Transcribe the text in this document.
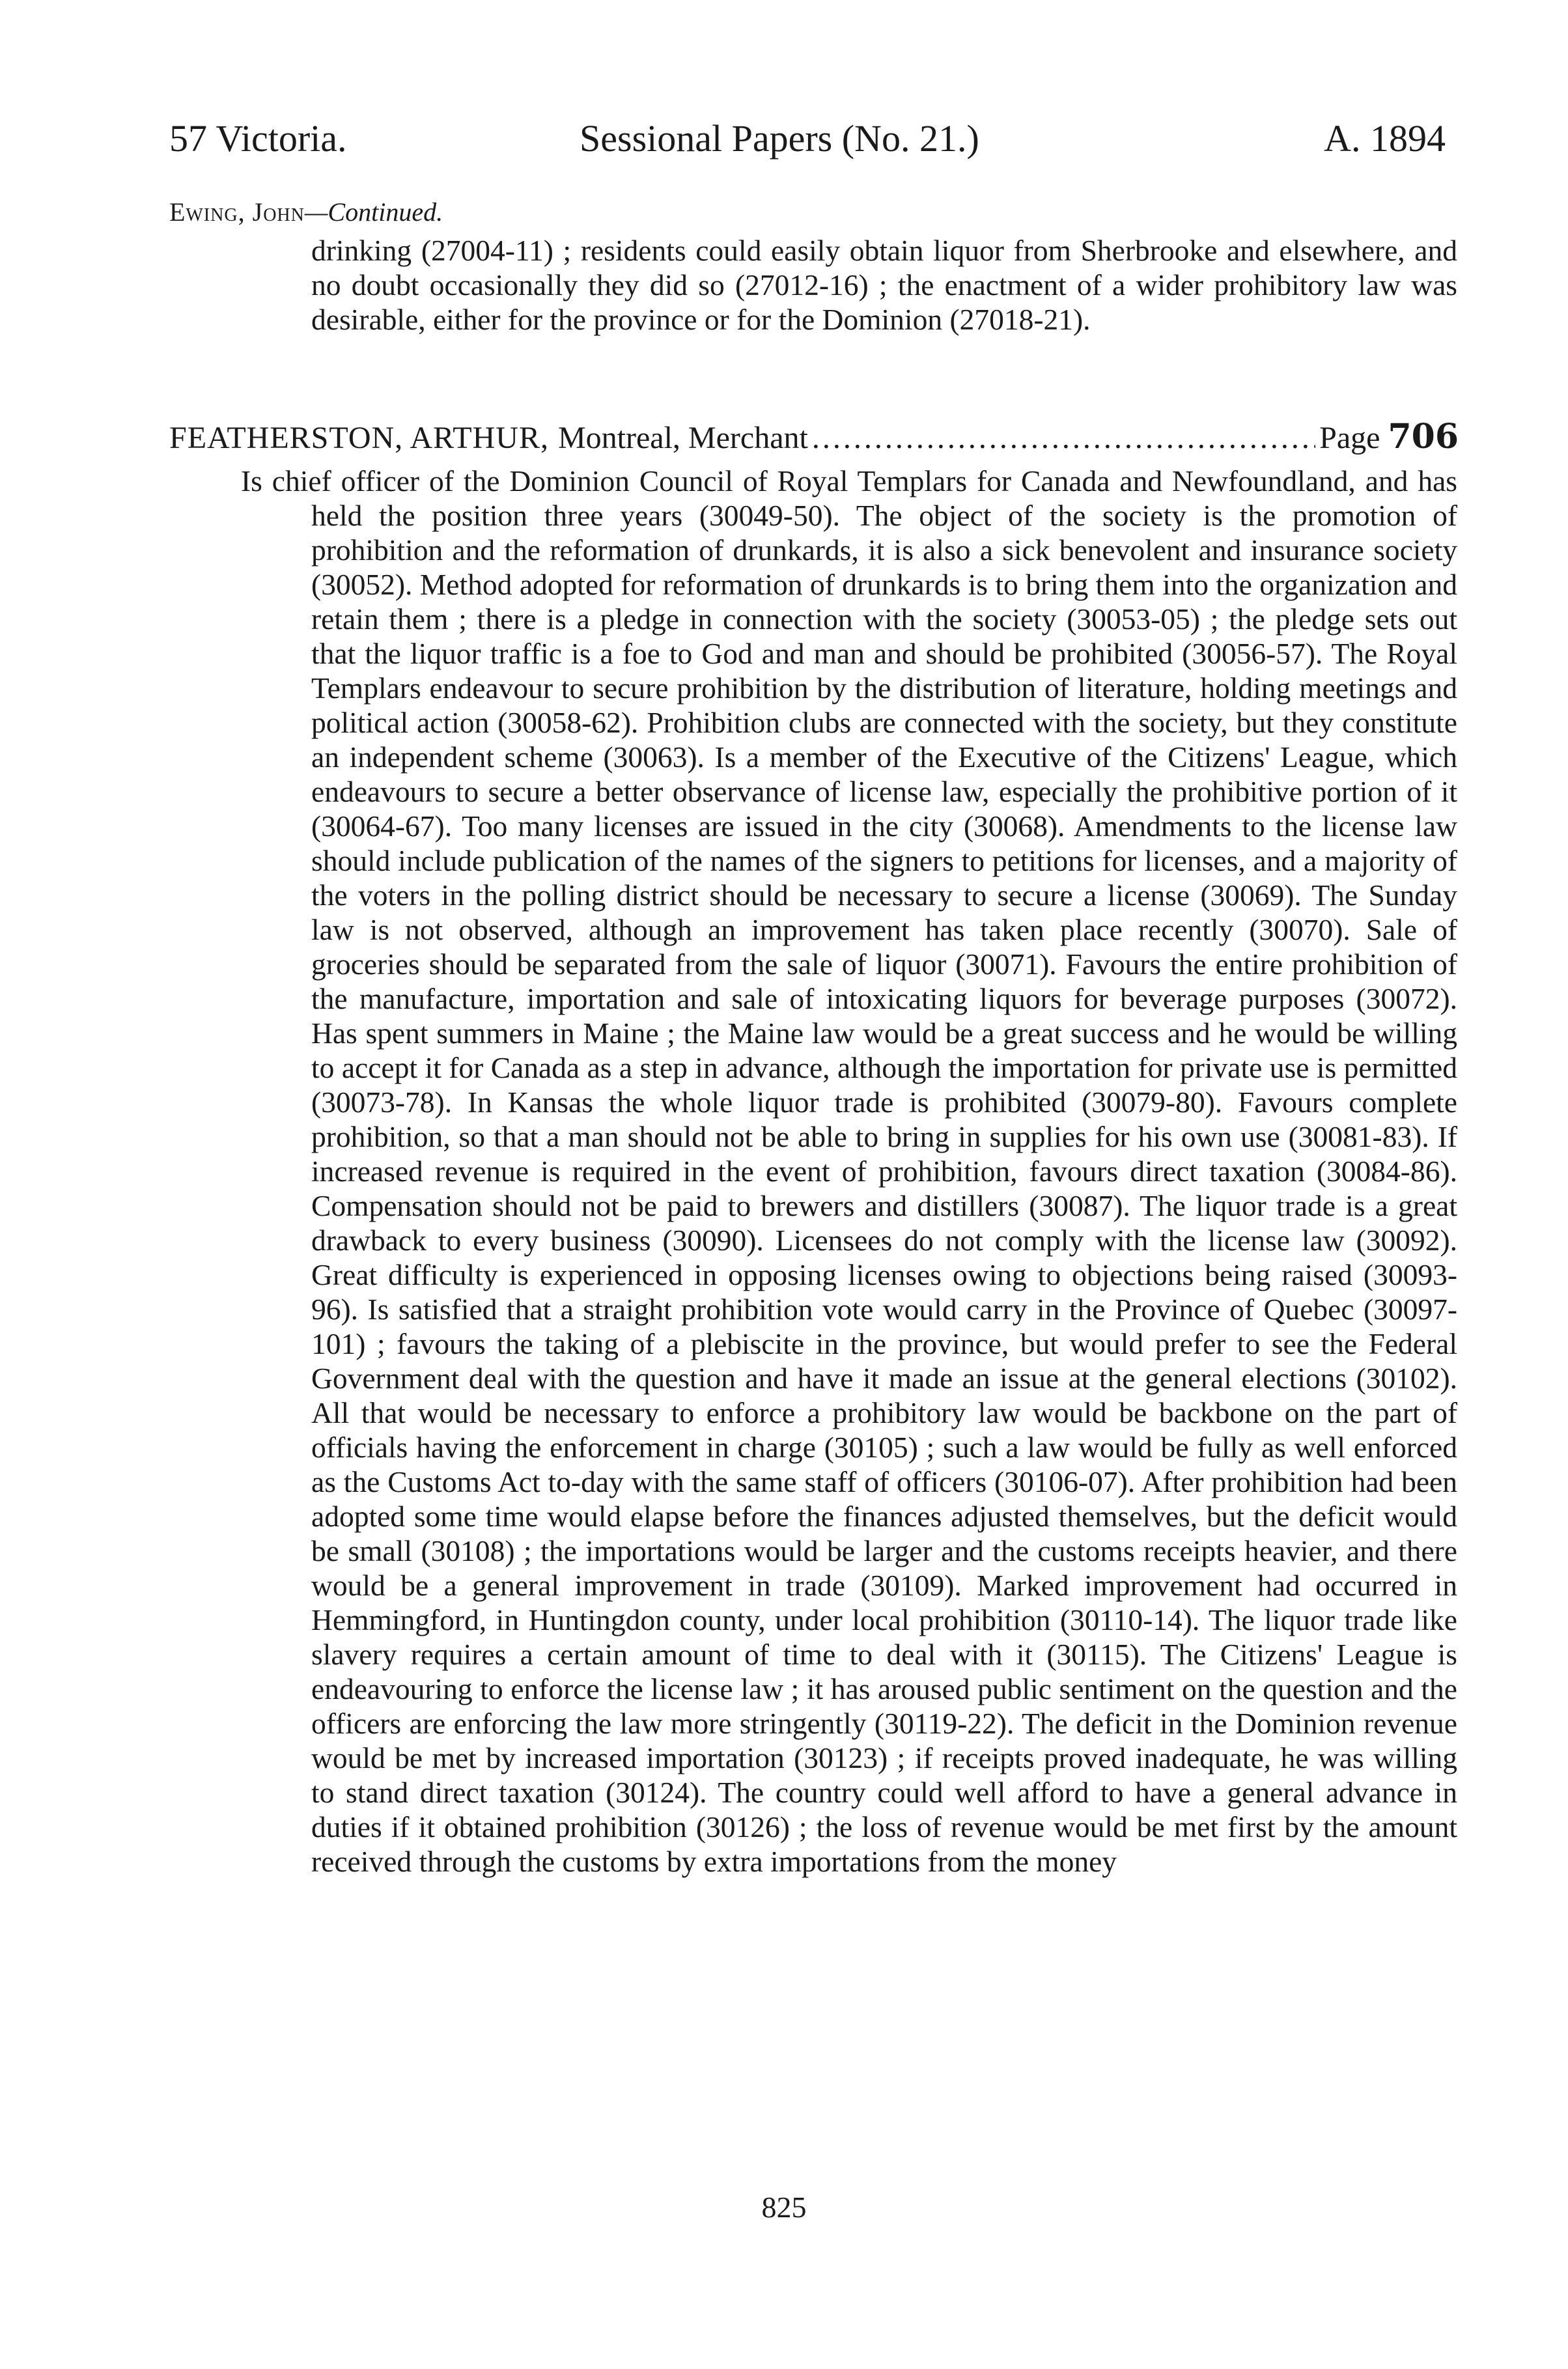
57 Victoria.	Sessional Papers (No. 21.)	A. 1894
Ewing, John—Continued.
drinking (27004-11) ; residents could easily obtain liquor from Sherbrooke and elsewhere, and no doubt occasionally they did so (27012-16) ; the enactment of a wider prohibitory law was desirable, either for the province or for the Dominion (27018-21).
FEATHERSTON, ARTHUR, Montreal, Merchant
.....	Page 706
Is chief officer of the Dominion Council of Royal Templars for Canada and Newfoundland, and has held the position three years (30049-50). The object of the society is the promotion of prohibition and the reformation of drunkards, it is also a sick benevolent and insurance society (30052). Method adopted for reformation of drunkards is to bring them into the organization and retain them ; there is a pledge in connection with the society (30053-05) ; the pledge sets out that the liquor traffic is a foe to God and man and should be prohibited (30056-57). The Royal Templars endeavour to secure prohibition by the distribution of literature, holding meetings and political action (30058-62). Prohibition clubs are connected with the society, but they constitute an independent scheme (30063). Is a member of the Executive of the Citizens' League, which endeavours to secure a better observance of license law, especially the prohibitive portion of it (30064-67). Too many licenses are issued in the city (30068). Amendments to the license law should include publication of the names of the signers to petitions for licenses, and a majority of the voters in the polling district should be necessary to secure a license (30069). The Sunday law is not observed, although an improvement has taken place recently (30070). Sale of groceries should be separated from the sale of liquor (30071). Favours the entire prohibition of the manufacture, importation and sale of intoxicating liquors for beverage purposes (30072). Has spent summers in Maine ; the Maine law would be a great success and he would be willing to accept it for Canada as a step in advance, although the importation for private use is permitted (30073-78). In Kansas the whole liquor trade is prohibited (30079-80). Favours complete prohibition, so that a man should not be able to bring in supplies for his own use (30081-83). If increased revenue is required in the event of prohibition, favours direct taxation (30084-86). Compensation should not be paid to brewers and distillers (30087). The liquor trade is a great drawback to every business (30090). Licensees do not comply with the license law (30092). Great difficulty is experienced in opposing licenses owing to objections being raised (30093-96). Is satisfied that a straight prohibition vote would carry in the Province of Quebec (30097-101) ; favours the taking of a plebiscite in the province, but would prefer to see the Federal Government deal with the question and have it made an issue at the general elections (30102). All that would be necessary to enforce a prohibitory law would be backbone on the part of officials having the enforcement in charge (30105) ; such a law would be fully as well enforced as the Customs Act to-day with the same staff of officers (30106-07). After prohibition had been adopted some time would elapse before the finances adjusted themselves, but the deficit would be small (30108) ; the importations would be larger and the customs receipts heavier, and there would be a general improvement in trade (30109). Marked improvement had occurred in Hemmingford, in Huntingdon county, under local prohibition (30110-14). The liquor trade like slavery requires a certain amount of time to deal with it (30115). The Citizens' League is endeavouring to enforce the license law ; it has aroused public sentiment on the question and the officers are enforcing the law more stringently (30119-22). The deficit in the Dominion revenue would be met by increased importation (30123) ; if receipts proved inadequate, he was willing to stand direct taxation (30124). The country could well afford to have a general advance in duties if it obtained prohibition (30126) ; the loss of revenue would be met first by the amount received through the customs by extra importations from the money
825
